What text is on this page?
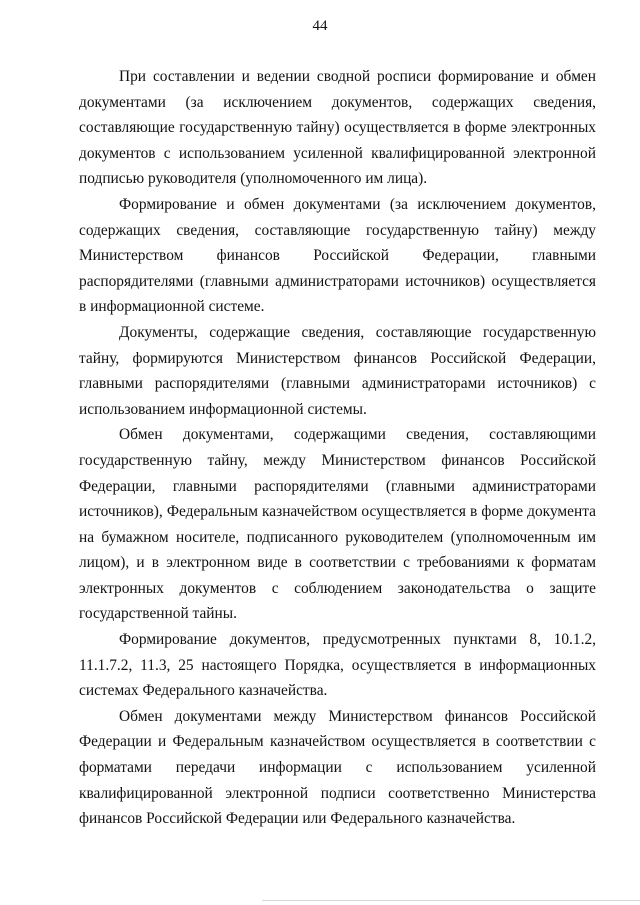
44

При составлении и ведении сводной росписи формирование и обмен документами (за исключением документов, содержащих сведения, составляющие государственную тайну) осуществляется в форме электронных документов с использованием усиленной квалифицированной электронной подписью руководителя (уполномоченного им лица).

Формирование и обмен документами (за исключением документов, содержащих сведения, составляющие государственную тайну) между Министерством финансов Российской Федерации, главными распорядителями (главными администраторами источников) осуществляется в информационной системе.

Документы, содержащие сведения, составляющие государственную тайну, формируются Министерством финансов Российской Федерации, главными распорядителями (главными администраторами источников) с использованием информационной системы.

Обмен документами, содержащими сведения, составляющими государственную тайну, между Министерством финансов Российской Федерации, главными распорядителями (главными администраторами источников), Федеральным казначейством осуществляется в форме документа на бумажном носителе, подписанного руководителем (уполномоченным им лицом), и в электронном виде в соответствии с требованиями к форматам электронных документов с соблюдением законодательства о защите государственной тайны.

Формирование документов, предусмотренных пунктами 8, 10.1.2, 11.1.7.2, 11.3, 25 настоящего Порядка, осуществляется в информационных системах Федерального казначейства.

Обмен документами между Министерством финансов Российской Федерации и Федеральным казначейством осуществляется в соответствии с форматами передачи информации с использованием усиленной квалифицированной электронной подписи соответственно Министерства финансов Российской Федерации или Федерального казначейства.
